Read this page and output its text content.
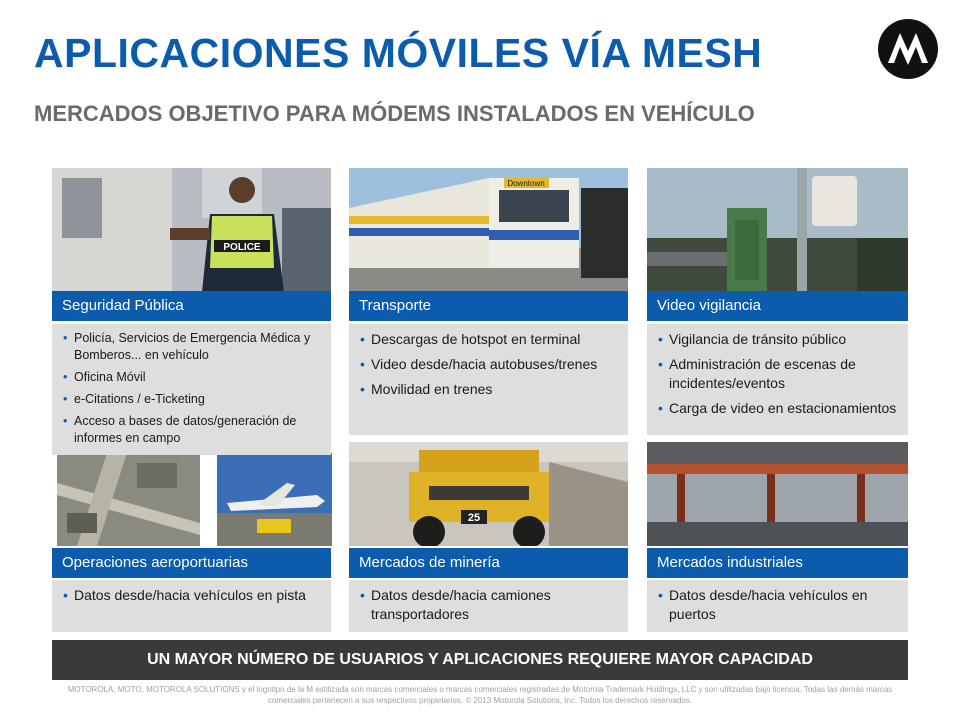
APLICACIONES MÓVILES VÍA MESH
MERCADOS OBJETIVO PARA MÓDEMS INSTALADOS EN VEHÍCULO
POLICE
Downtown
25
Seguridad Pública
• Policía, Servicios de Emergencia Médica y Bomberos... en vehículo
• Oficina Móvil
• e-Citations / e-Ticketing
• Acceso a bases de datos/generación de informes en campo
Transporte
• Descargas de hotspot en terminal
• Video desde/hacia autobuses/trenes
• Movilidad en trenes
Video vigilancia
• Vigilancia de tránsito público
• Administración de escenas de incidentes/eventos
• Carga de video en estacionamientos
Operaciones aeroportuarias
• Datos desde/hacia vehículos en pista
Mercados de minería
• Datos desde/hacia camiones transportadores
Mercados industriales
• Datos desde/hacia vehículos en puertos
UN MAYOR NÚMERO DE USUARIOS Y APLICACIONES REQUIERE MAYOR CAPACIDAD
MOTOROLA, MOTO, MOTOROLA SOLUTIONS y el logotipo de la M estilizada son marcas comerciales o marcas comerciales registradas de Motorola Trademark Holdings, LLC y son utilizadas bajo licencia. Todas las demás marcas comerciales pertenecen a sus respectivos propietarios. © 2013 Motorola Solutions, Inc. Todos los derechos reservados.
